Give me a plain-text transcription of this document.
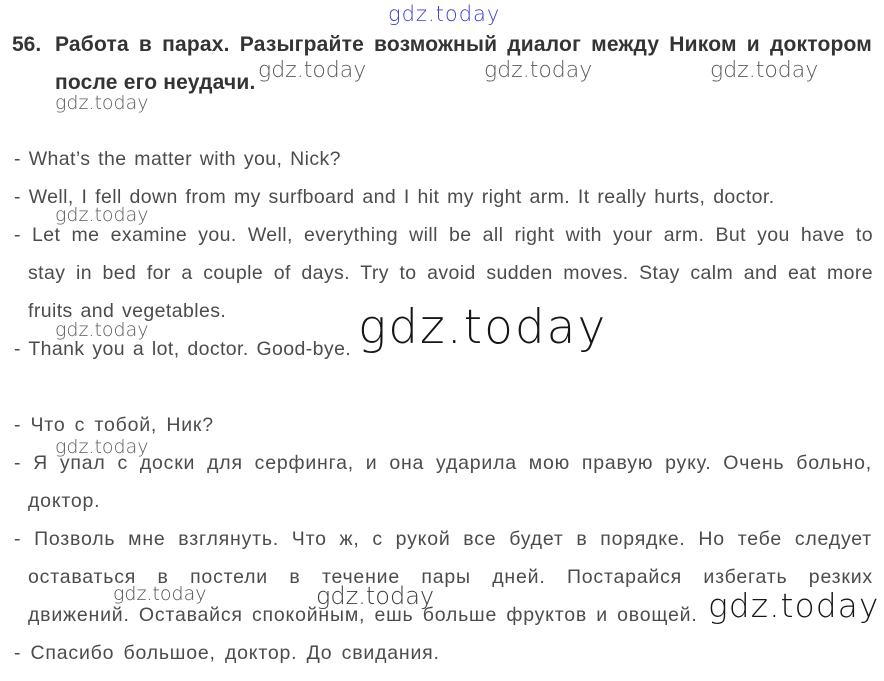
gdz.today
gdz.today	gdz.today	gdz.today
gdz.today
gdz.today
gdz.today	gdz.today
gdz.today
gdz.today	gdz.today	gdz.today
56. Работа в парах. Разыграйте возможный диалог между Ником и доктором
после его неудачи.
- What’s the matter with you, Nick?
- Well, I fell down from my surfboard and I hit my right arm. It really hurts, doctor.
- Let me examine you. Well, everything will be all right with your arm. But you have to
stay in bed for a couple of days. Try to avoid sudden moves. Stay calm and eat more
fruits and vegetables.
- Thank you a lot, doctor. Good-bye.
- Что с тобой, Ник?
- Я упал с доски для серфинга, и она ударила мою правую руку. Очень больно,
доктор.
- Позволь мне взглянуть. Что ж, с рукой все будет в порядке. Но тебе следует
оставаться в постели в течение пары дней. Постарайся избегать резких
движений. Оставайся спокойным, ешь больше фруктов и овощей.
- Спасибо большое, доктор. До свидания.
